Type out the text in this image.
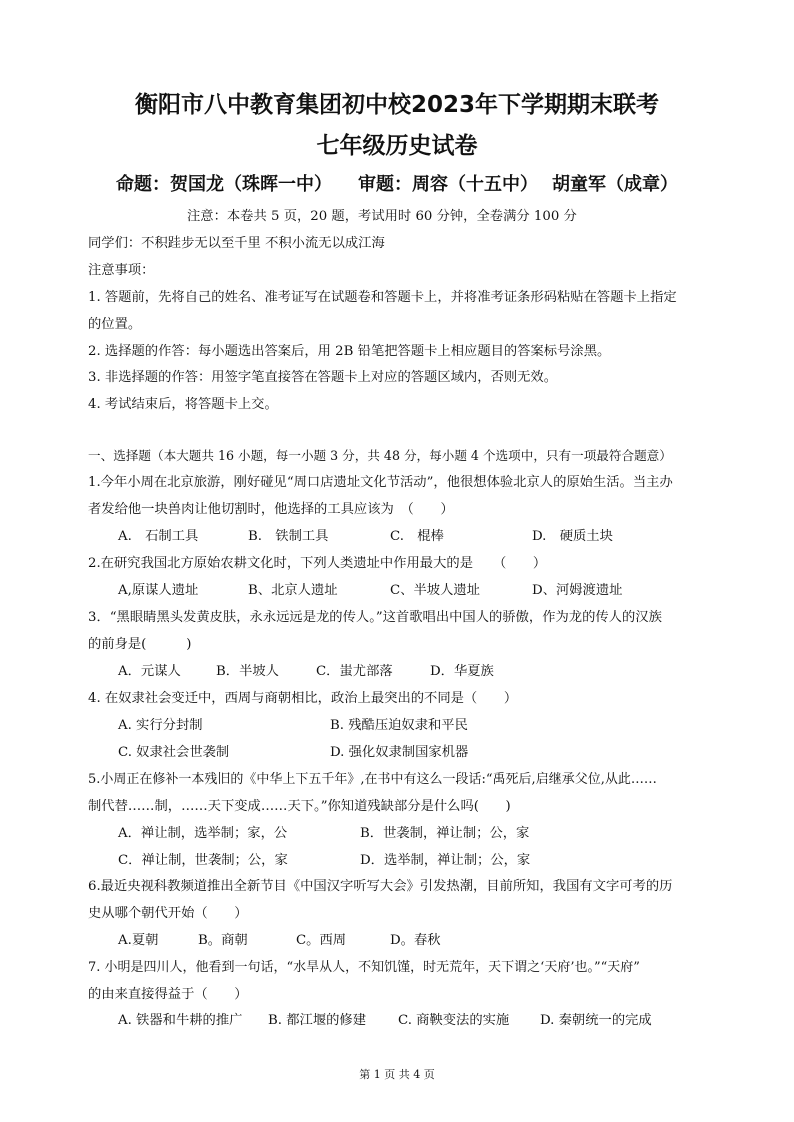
衡阳市八中教育集团初中校2023年下学期期末联考
七年级历史试卷
命题：贺国龙（珠晖一中） 审题：周容（十五中） 胡童军（成章）
注意：本卷共 5 页，20 题，考试用时 60 分钟，全卷满分 100 分
同学们：不积跬步无以至千里 不积小流无以成江海
注意事项：
1. 答题前，先将自己的姓名、准考证写在试题卷和答题卡上，并将准考证条形码粘贴在答题卡上指定
的位置。
2. 选择题的作答：每小题选出答案后，用 2B 铅笔把答题卡上相应题目的答案标号涂黑。
3. 非选择题的作答：用签字笔直接答在答题卡上对应的答题区域内，否则无效。
4. 考试结束后，将答题卡上交。
一、选择题（本大题共 16 小题，每一小题 3 分，共 48 分，每小题 4 个选项中，只有一项最符合题意）
1.今年小周在北京旅游，刚好碰见“周口店遗址文化节活动”，他很想体验北京人的原始生活。当主办
者发给他一块兽肉让他切割时，他选择的工具应该为　（　　）
A.　石制工具	B.　铁制工具	C.　棍棒	D.　硬质土块
2.在研究我国北方原始农耕文化时，下列人类遗址中作用最大的是　　（　　）
A,原谋人遗址	B、北京人遗址	C、半坡人遗址	D、河姆渡遗址
3．“黑眼睛黑头发黄皮肤，永永远远是龙的传人。”这首歌唱出中国人的骄傲，作为龙的传人的汉族
的前身是(　　　)
A．元谋人	B．半坡人	C．蚩尤部落	D．华夏族
4. 在奴隶社会变迁中，西周与商朝相比，政治上最突出的不同是（　　）
A. 实行分封制	B. 残酷压迫奴隶和平民
C. 奴隶社会世袭制	D. 强化奴隶制国家机器
5.小周正在修补一本残旧的《中华上下五千年》,在书中有这么一段话:“禹死后,启继承父位,从此……
制代替……制，……天下变成……天下。”你知道残缺部分是什么吗(　　)
A．禅让制，选举制；家，公	B．世袭制，禅让制；公，家
C．禅让制，世袭制；公，家	D．选举制，禅让制；公，家
6.最近央视科教频道推出全新节目《中国汉字听写大会》引发热潮，目前所知，我国有文字可考的历
史从哪个朝代开始（　　）
A.夏朝	B。商朝	C。西周	D。春秋
7. 小明是四川人，他看到一句话，“水旱从人，不知饥馑，时无荒年，天下谓之‘天府’也。”“天府”
的由来直接得益于（　　）
A. 铁器和牛耕的推广 B. 都江堰的修建 C. 商鞅变法的实施 D. 秦朝统一的完成
第 1 页 共 4 页
